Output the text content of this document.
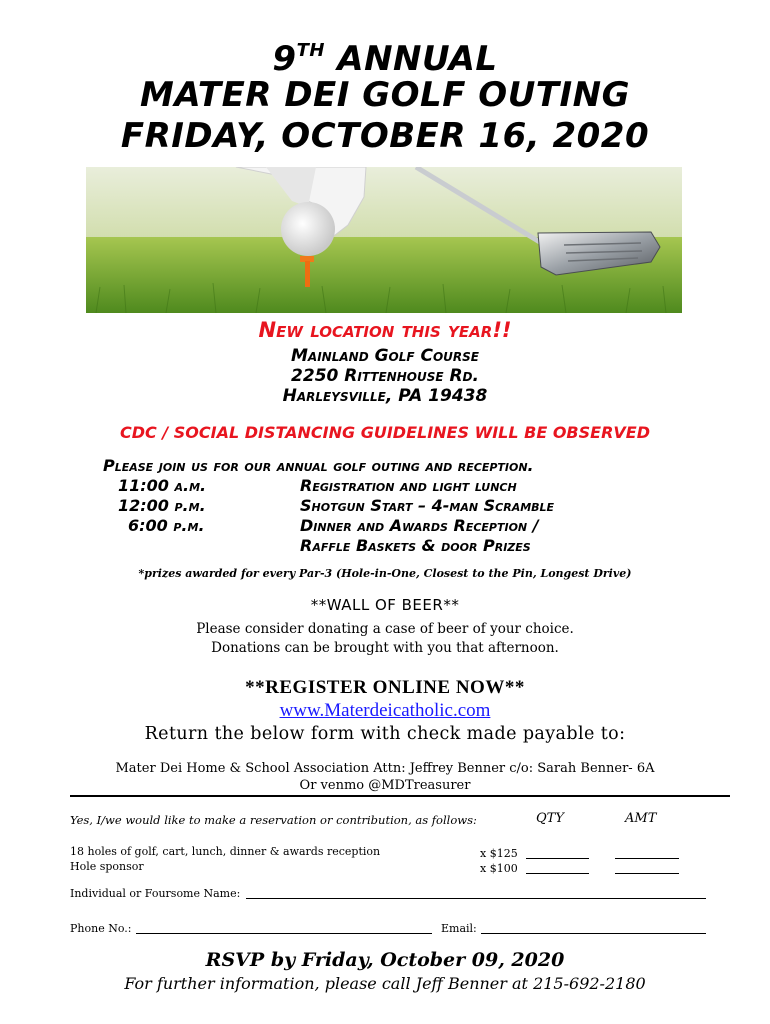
9TH ANNUAL
MATER DEI GOLF OUTING
FRIDAY, OCTOBER 16, 2020
New location this year!!
Mainland Golf Course
2250 Rittenhouse Rd.
Harleysville, PA 19438
CDC / SOCIAL DISTANCING GUIDELINES WILL BE OBSERVED
Please join us for our annual golf outing and reception.
11:00 a.m.	Registration and light lunch
12:00 p.m.	Shotgun Start – 4-man Scramble
6:00 p.m.	Dinner and Awards Reception /
Raffle Baskets & door Prizes
*prizes awarded for every Par-3 (Hole-in-One, Closest to the Pin, Longest Drive)
**WALL OF BEER**
Please consider donating a case of beer of your choice.
Donations can be brought with you that afternoon.
**REGISTER ONLINE NOW**
www.Materdeicatholic.com
Return the below form with check made payable to:
Mater Dei Home & School Association Attn: Jeffrey Benner c/o: Sarah Benner- 6A
Or venmo @MDTreasurer
Yes, I/we would like to make a reservation or contribution, as follows:	QTY	AMT
18 holes of golf, cart, lunch, dinner & awards reception	x $125
Hole sponsor	x $100
Individual or Foursome Name:
Phone No.:	Email:
RSVP by Friday, October 09, 2020
For further information, please call Jeff Benner at 215-692-2180
